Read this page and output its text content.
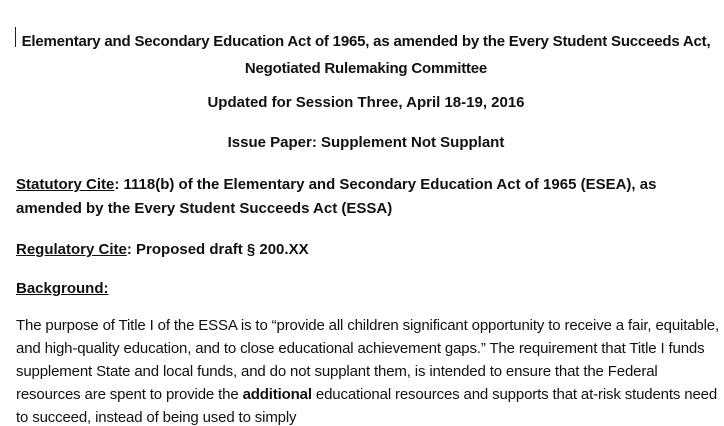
Elementary and Secondary Education Act of 1965, as amended by the Every Student Succeeds Act, Negotiated Rulemaking Committee
Updated for Session Three, April 18-19, 2016
Issue Paper: Supplement Not Supplant
Statutory Cite: 1118(b) of the Elementary and Secondary Education Act of 1965 (ESEA), as amended by the Every Student Succeeds Act (ESSA)
Regulatory Cite: Proposed draft § 200.XX
Background:
The purpose of Title I of the ESSA is to “provide all children significant opportunity to receive a fair, equitable, and high-quality education, and to close educational achievement gaps.” The requirement that Title I funds supplement State and local funds, and do not supplant them, is intended to ensure that the Federal resources are spent to provide the additional educational resources and supports that at-risk students need to succeed, instead of being used to simply
